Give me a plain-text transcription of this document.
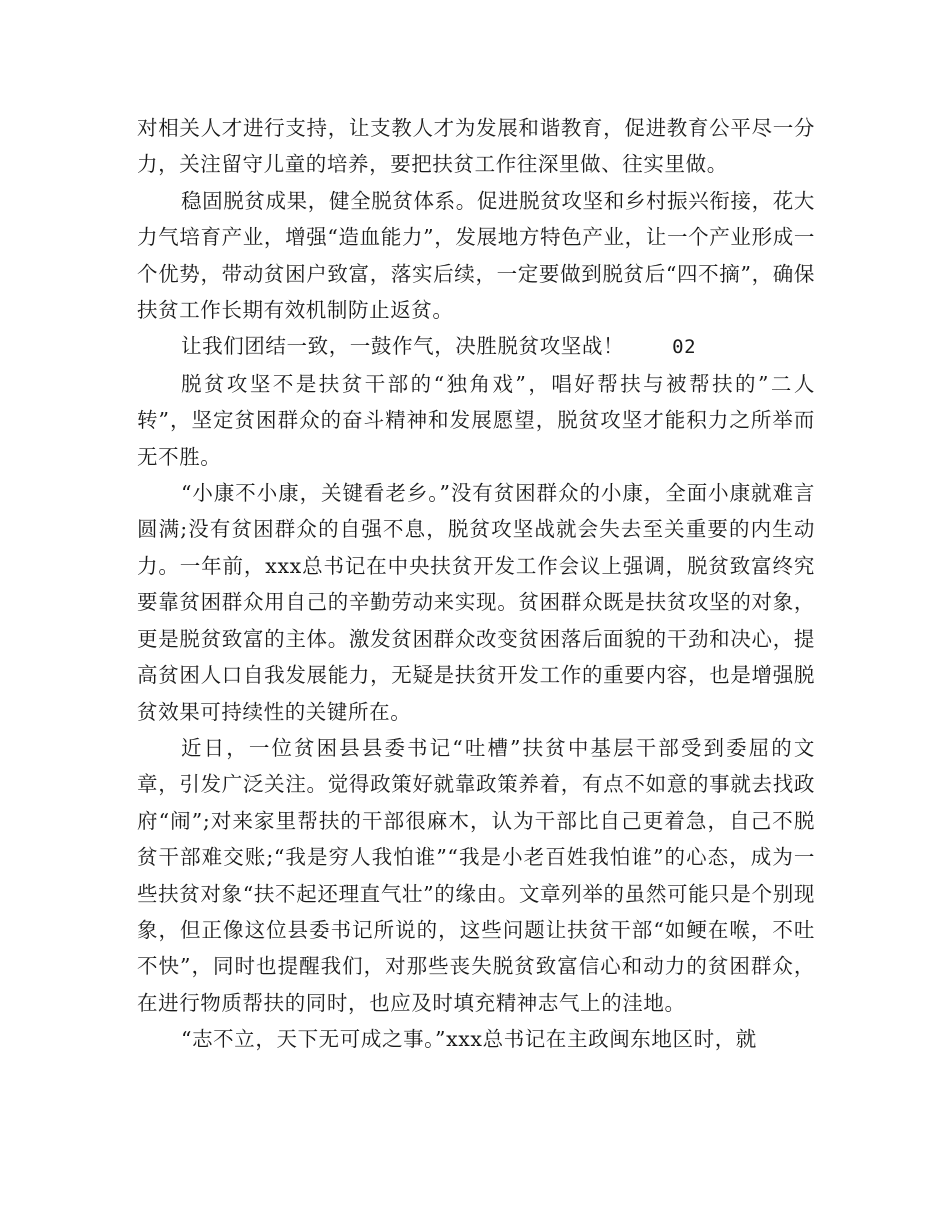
对相关人才进行支持，让支教人才为发展和谐教育，促进教育公平尽一分力，关注留守儿童的培养，要把扶贫工作往深里做、往实里做。

稳固脱贫成果，健全脱贫体系。促进脱贫攻坚和乡村振兴衔接，花大力气培育产业，增强“造血能力”，发展地方特色产业，让一个产业形成一个优势，带动贫困户致富，落实后续，一定要做到脱贫后“四不摘”，确保扶贫工作长期有效机制防止返贫。

让我们团结一致，一鼓作气，决胜脱贫攻坚战！	02

脱贫攻坚不是扶贫干部的“独角戏”，唱好帮扶与被帮扶的”二人转”，坚定贫困群众的奋斗精神和发展愿望，脱贫攻坚才能积力之所举而无不胜。

“小康不小康，关键看老乡。”没有贫困群众的小康，全面小康就难言圆满;没有贫困群众的自强不息，脱贫攻坚战就会失去至关重要的内生动力。一年前，xxx总书记在中央扶贫开发工作会议上强调，脱贫致富终究要靠贫困群众用自己的辛勤劳动来实现。贫困群众既是扶贫攻坚的对象，更是脱贫致富的主体。激发贫困群众改变贫困落后面貌的干劲和决心，提高贫困人口自我发展能力，无疑是扶贫开发工作的重要内容，也是增强脱贫效果可持续性的关键所在。

近日，一位贫困县县委书记“吐槽”扶贫中基层干部受到委屈的文章，引发广泛关注。觉得政策好就靠政策养着，有点不如意的事就去找政府“闹”;对来家里帮扶的干部很麻木，认为干部比自己更着急，自己不脱贫干部难交账;“我是穷人我怕谁”“我是小老百姓我怕谁”的心态，成为一些扶贫对象“扶不起还理直气壮”的缘由。文章列举的虽然可能只是个别现象，但正像这位县委书记所说的，这些问题让扶贫干部“如鲠在喉，不吐不快”，同时也提醒我们，对那些丧失脱贫致富信心和动力的贫困群众，在进行物质帮扶的同时，也应及时填充精神志气上的洼地。

“志不立，天下无可成之事。”xxx总书记在主政闽东地区时，就
